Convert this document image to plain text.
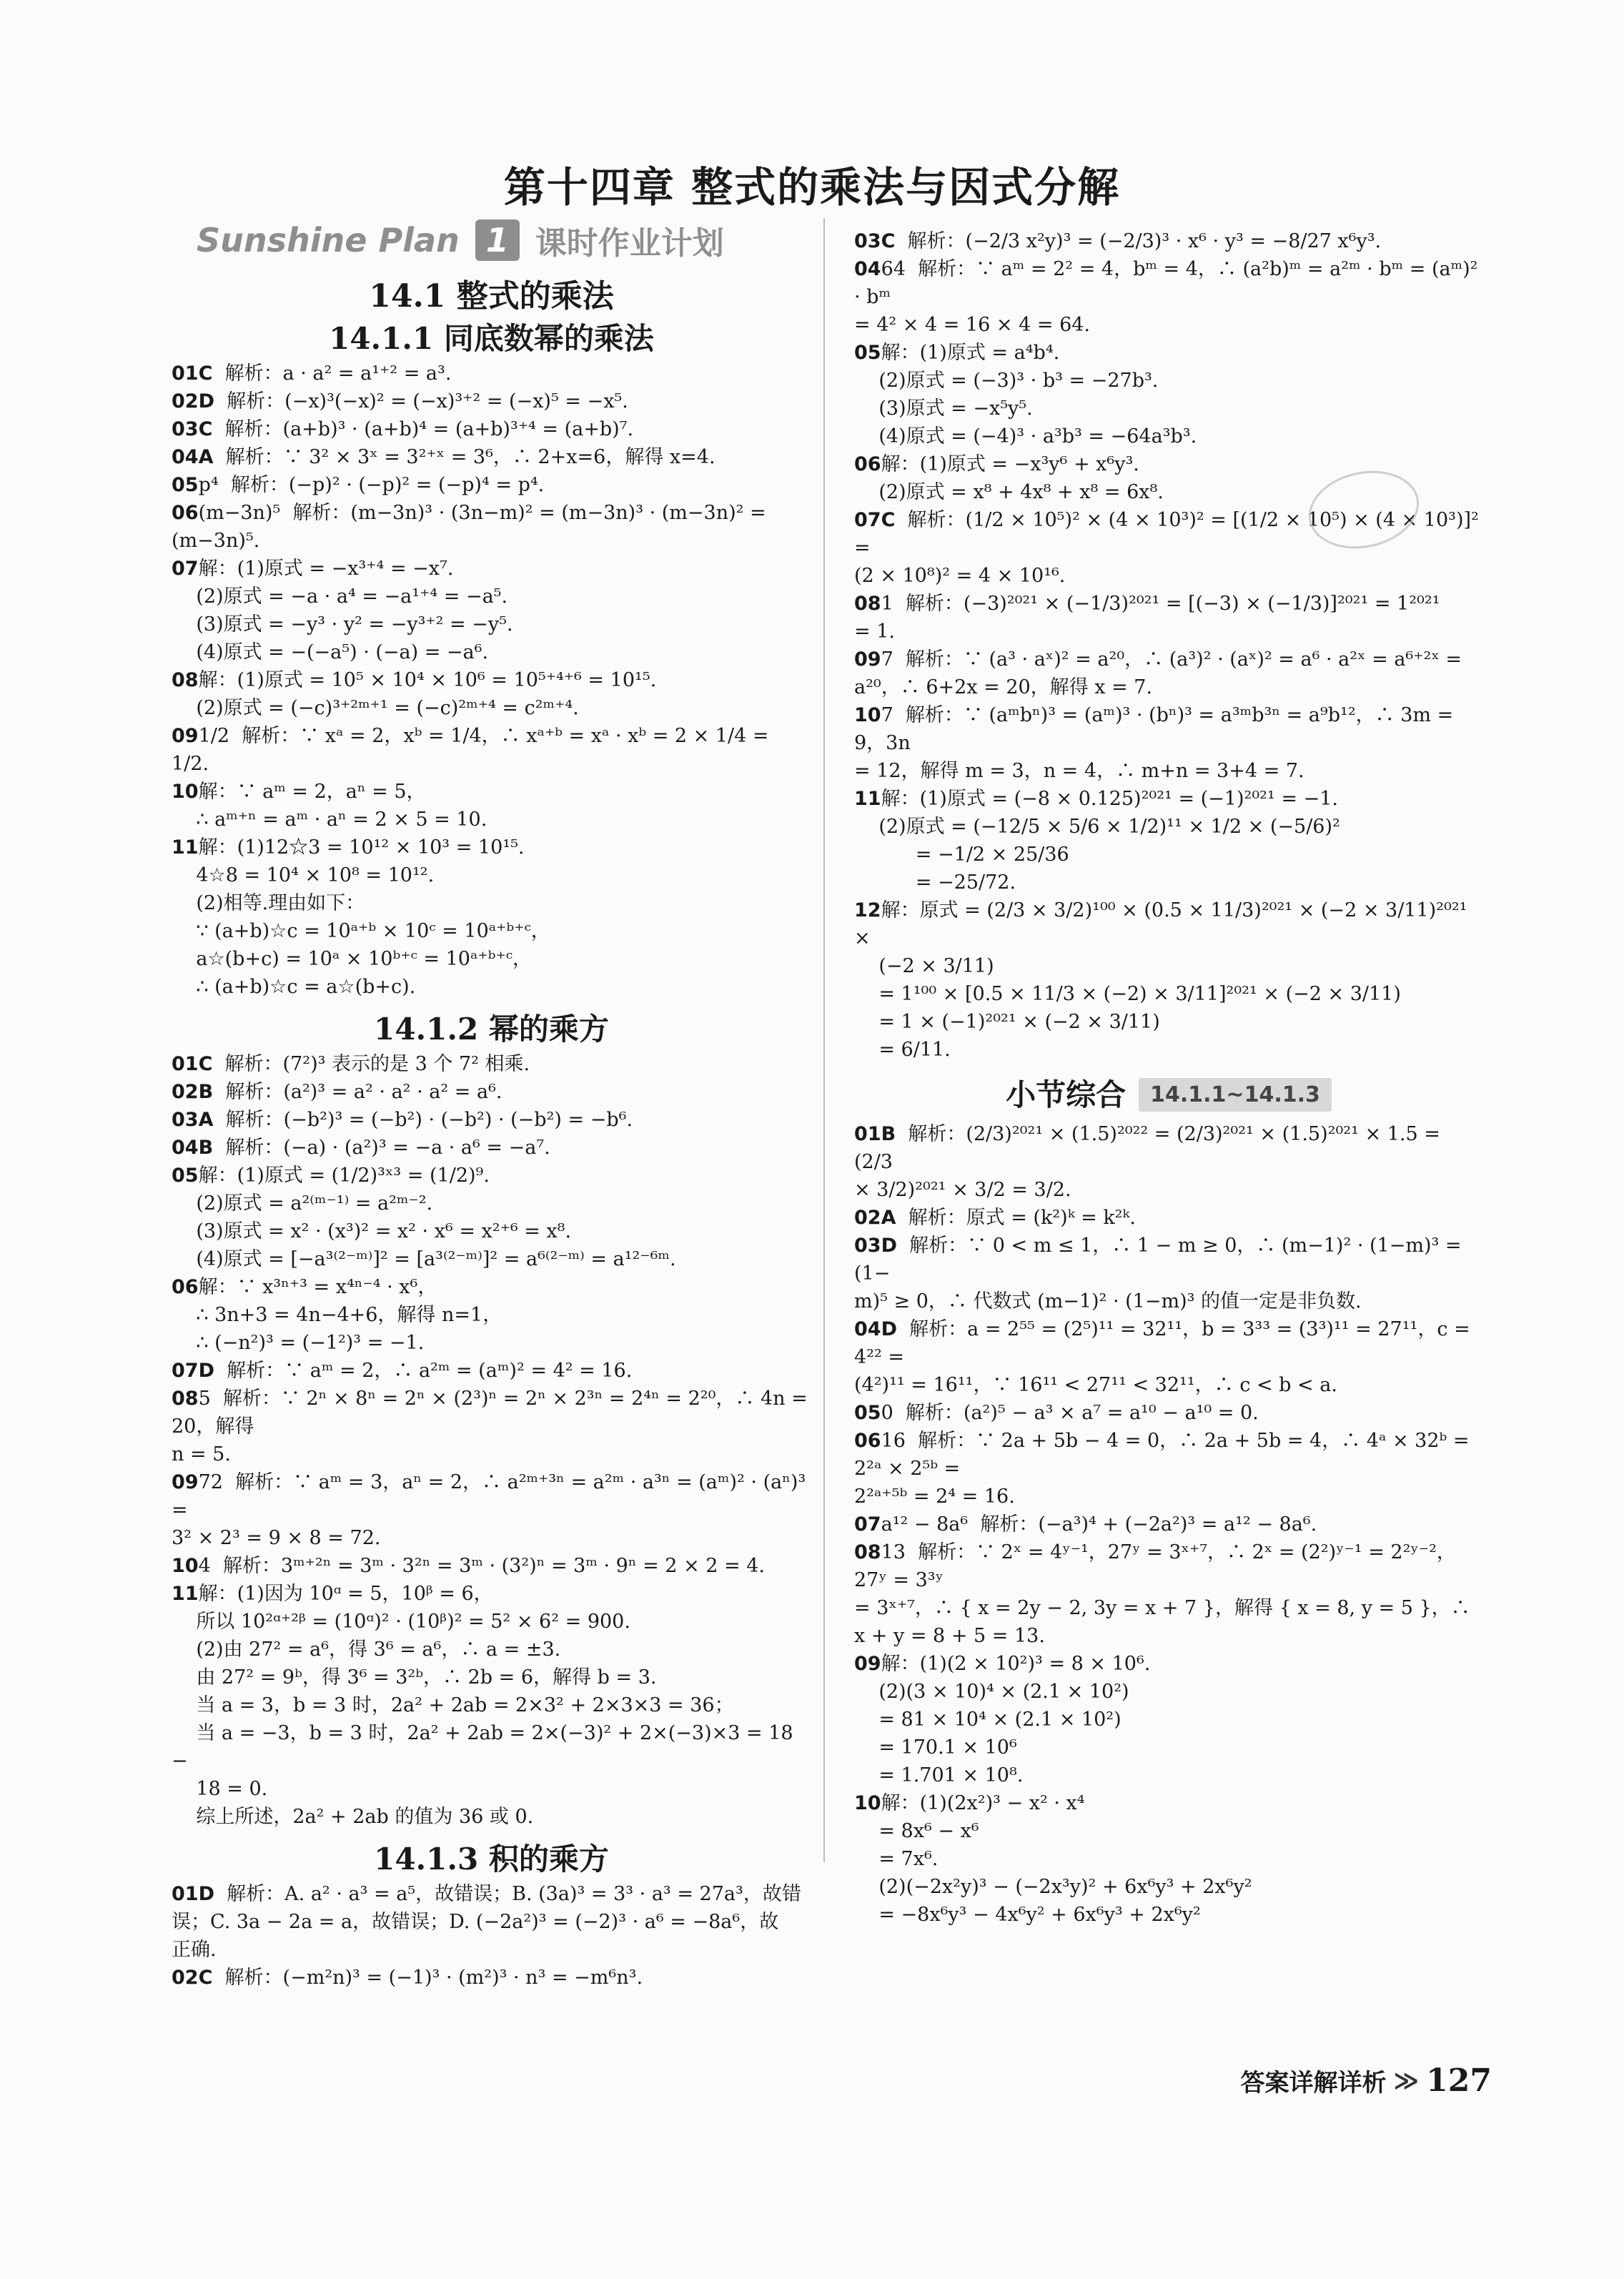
第十四章 整式的乘法与因式分解
Sunshine Plan 1 课时作业计划
14.1 整式的乘法
14.1.1 同底数幂的乘法
01C  解析：a · a² = a¹⁺² = a³.
02D  解析：(−x)³(−x)² = (−x)³⁺² = (−x)⁵ = −x⁵.
03C  解析：(a+b)³ · (a+b)⁴ = (a+b)³⁺⁴ = (a+b)⁷.
04A  解析：∵ 3² × 3ˣ = 3²⁺ˣ = 3⁶，∴ 2+x=6，解得 x=4.
05p⁴  解析：(−p)² · (−p)² = (−p)⁴ = p⁴.
06(m−3n)⁵  解析：(m−3n)³ · (3n−m)² = (m−3n)³ · (m−3n)² =
(m−3n)⁵.
07解：(1)原式 = −x³⁺⁴ = −x⁷.
(2)原式 = −a · a⁴ = −a¹⁺⁴ = −a⁵.
(3)原式 = −y³ · y² = −y³⁺² = −y⁵.
(4)原式 = −(−a⁵) · (−a) = −a⁶.
08解：(1)原式 = 10⁵ × 10⁴ × 10⁶ = 10⁵⁺⁴⁺⁶ = 10¹⁵.
(2)原式 = (−c)³⁺²ᵐ⁺¹ = (−c)²ᵐ⁺⁴ = c²ᵐ⁺⁴.
091/2  解析：∵ xᵃ = 2，xᵇ = 1/4，∴ xᵃ⁺ᵇ = xᵃ · xᵇ = 2 × 1/4 = 1/2.
10解：∵ aᵐ = 2，aⁿ = 5，
∴ aᵐ⁺ⁿ = aᵐ · aⁿ = 2 × 5 = 10.
11解：(1)12☆3 = 10¹² × 10³ = 10¹⁵.
4☆8 = 10⁴ × 10⁸ = 10¹².
(2)相等.理由如下：
∵ (a+b)☆c = 10ᵃ⁺ᵇ × 10ᶜ = 10ᵃ⁺ᵇ⁺ᶜ，
a☆(b+c) = 10ᵃ × 10ᵇ⁺ᶜ = 10ᵃ⁺ᵇ⁺ᶜ，
∴ (a+b)☆c = a☆(b+c).
14.1.2 幂的乘方
01C  解析：(7²)³ 表示的是 3 个 7² 相乘.
02B  解析：(a²)³ = a² · a² · a² = a⁶.
03A  解析：(−b²)³ = (−b²) · (−b²) · (−b²) = −b⁶.
04B  解析：(−a) · (a²)³ = −a · a⁶ = −a⁷.
05解：(1)原式 = (1/2)³ˣ³ = (1/2)⁹.
(2)原式 = a²⁽ᵐ⁻¹⁾ = a²ᵐ⁻².
(3)原式 = x² · (x³)² = x² · x⁶ = x²⁺⁶ = x⁸.
(4)原式 = [−a³⁽²⁻ᵐ⁾]² = [a³⁽²⁻ᵐ⁾]² = a⁶⁽²⁻ᵐ⁾ = a¹²⁻⁶ᵐ.
06解：∵ x³ⁿ⁺³ = x⁴ⁿ⁻⁴ · x⁶，
∴ 3n+3 = 4n−4+6，解得 n=1，
∴ (−n²)³ = (−1²)³ = −1.
07D  解析：∵ aᵐ = 2，∴ a²ᵐ = (aᵐ)² = 4² = 16.
085  解析：∵ 2ⁿ × 8ⁿ = 2ⁿ × (2³)ⁿ = 2ⁿ × 2³ⁿ = 2⁴ⁿ = 2²⁰，∴ 4n = 20，解得
n = 5.
0972  解析：∵ aᵐ = 3，aⁿ = 2，∴ a²ᵐ⁺³ⁿ = a²ᵐ · a³ⁿ = (aᵐ)² · (aⁿ)³ =
3² × 2³ = 9 × 8 = 72.
104  解析：3ᵐ⁺²ⁿ = 3ᵐ · 3²ⁿ = 3ᵐ · (3²)ⁿ = 3ᵐ · 9ⁿ = 2 × 2 = 4.
11解：(1)因为 10ᵅ = 5，10ᵝ = 6，
所以 10²ᵅ⁺²ᵝ = (10ᵅ)² · (10ᵝ)² = 5² × 6² = 900.
(2)由 27² = a⁶，得 3⁶ = a⁶，∴ a = ±3.
由 27² = 9ᵇ，得 3⁶ = 3²ᵇ，∴ 2b = 6，解得 b = 3.
当 a = 3，b = 3 时，2a² + 2ab = 2×3² + 2×3×3 = 36；
当 a = −3，b = 3 时，2a² + 2ab = 2×(−3)² + 2×(−3)×3 = 18 −
18 = 0.
综上所述，2a² + 2ab 的值为 36 或 0.
14.1.3 积的乘方
01D  解析：A. a² · a³ = a⁵，故错误；B. (3a)³ = 3³ · a³ = 27a³，故错
误；C. 3a − 2a = a，故错误；D. (−2a²)³ = (−2)³ · a⁶ = −8a⁶，故
正确.
02C  解析：(−m²n)³ = (−1)³ · (m²)³ · n³ = −m⁶n³.
03C  解析：(−2/3 x²y)³ = (−2/3)³ · x⁶ · y³ = −8/27 x⁶y³.
0464  解析：∵ aᵐ = 2² = 4，bᵐ = 4，∴ (a²b)ᵐ = a²ᵐ · bᵐ = (aᵐ)² · bᵐ
= 4² × 4 = 16 × 4 = 64.
05解：(1)原式 = a⁴b⁴.
(2)原式 = (−3)³ · b³ = −27b³.
(3)原式 = −x⁵y⁵.
(4)原式 = (−4)³ · a³b³ = −64a³b³.
06解：(1)原式 = −x³y⁶ + x⁶y³.
(2)原式 = x⁸ + 4x⁸ + x⁸ = 6x⁸.
07C  解析：(1/2 × 10⁵)² × (4 × 10³)² = [(1/2 × 10⁵) × (4 × 10³)]² =
(2 × 10⁸)² = 4 × 10¹⁶.
081  解析：(−3)²⁰²¹ × (−1/3)²⁰²¹ = [(−3) × (−1/3)]²⁰²¹ = 1²⁰²¹
= 1.
097  解析：∵ (a³ · aˣ)² = a²⁰，∴ (a³)² · (aˣ)² = a⁶ · a²ˣ = a⁶⁺²ˣ =
a²⁰，∴ 6+2x = 20，解得 x = 7.
107  解析：∵ (aᵐbⁿ)³ = (aᵐ)³ · (bⁿ)³ = a³ᵐb³ⁿ = a⁹b¹²，∴ 3m = 9，3n
= 12，解得 m = 3，n = 4，∴ m+n = 3+4 = 7.
11解：(1)原式 = (−8 × 0.125)²⁰²¹ = (−1)²⁰²¹ = −1.
(2)原式 = (−12/5 × 5/6 × 1/2)¹¹ × 1/2 × (−5/6)²
= −1/2 × 25/36
= −25/72.
12解：原式 = (2/3 × 3/2)¹⁰⁰ × (0.5 × 11/3)²⁰²¹ × (−2 × 3/11)²⁰²¹ ×
(−2 × 3/11)
= 1¹⁰⁰ × [0.5 × 11/3 × (−2) × 3/11]²⁰²¹ × (−2 × 3/11)
= 1 × (−1)²⁰²¹ × (−2 × 3/11)
= 6/11.
小节综合	14.1.1~14.1.3
01B  解析：(2/3)²⁰²¹ × (1.5)²⁰²² = (2/3)²⁰²¹ × (1.5)²⁰²¹ × 1.5 = (2/3
× 3/2)²⁰²¹ × 3/2 = 3/2.
02A  解析：原式 = (k²)ᵏ = k²ᵏ.
03D  解析：∵ 0 < m ≤ 1，∴ 1 − m ≥ 0，∴ (m−1)² · (1−m)³ = (1−
m)⁵ ≥ 0，∴ 代数式 (m−1)² · (1−m)³ 的值一定是非负数.
04D  解析：a = 2⁵⁵ = (2⁵)¹¹ = 32¹¹，b = 3³³ = (3³)¹¹ = 27¹¹，c = 4²² =
(4²)¹¹ = 16¹¹，∵ 16¹¹ < 27¹¹ < 32¹¹，∴ c < b < a.
050  解析：(a²)⁵ − a³ × a⁷ = a¹⁰ − a¹⁰ = 0.
0616  解析：∵ 2a + 5b − 4 = 0，∴ 2a + 5b = 4，∴ 4ᵃ × 32ᵇ = 2²ᵃ × 2⁵ᵇ =
2²ᵃ⁺⁵ᵇ = 2⁴ = 16.
07a¹² − 8a⁶  解析：(−a³)⁴ + (−2a²)³ = a¹² − 8a⁶.
0813  解析：∵ 2ˣ = 4ʸ⁻¹，27ʸ = 3ˣ⁺⁷，∴ 2ˣ = (2²)ʸ⁻¹ = 2²ʸ⁻²，27ʸ = 3³ʸ
= 3ˣ⁺⁷，∴ { x = 2y − 2, 3y = x + 7 }，解得 { x = 8, y = 5 }，∴ x + y = 8 + 5 = 13.
09解：(1)(2 × 10²)³ = 8 × 10⁶.
(2)(3 × 10)⁴ × (2.1 × 10²)
= 81 × 10⁴ × (2.1 × 10²)
= 170.1 × 10⁶
= 1.701 × 10⁸.
10解：(1)(2x²)³ − x² · x⁴
= 8x⁶ − x⁶
= 7x⁶.
(2)(−2x²y)³ − (−2x³y)² + 6x⁶y³ + 2x⁶y²
= −8x⁶y³ − 4x⁶y² + 6x⁶y³ + 2x⁶y²
答案详解详析 ≫ 127
